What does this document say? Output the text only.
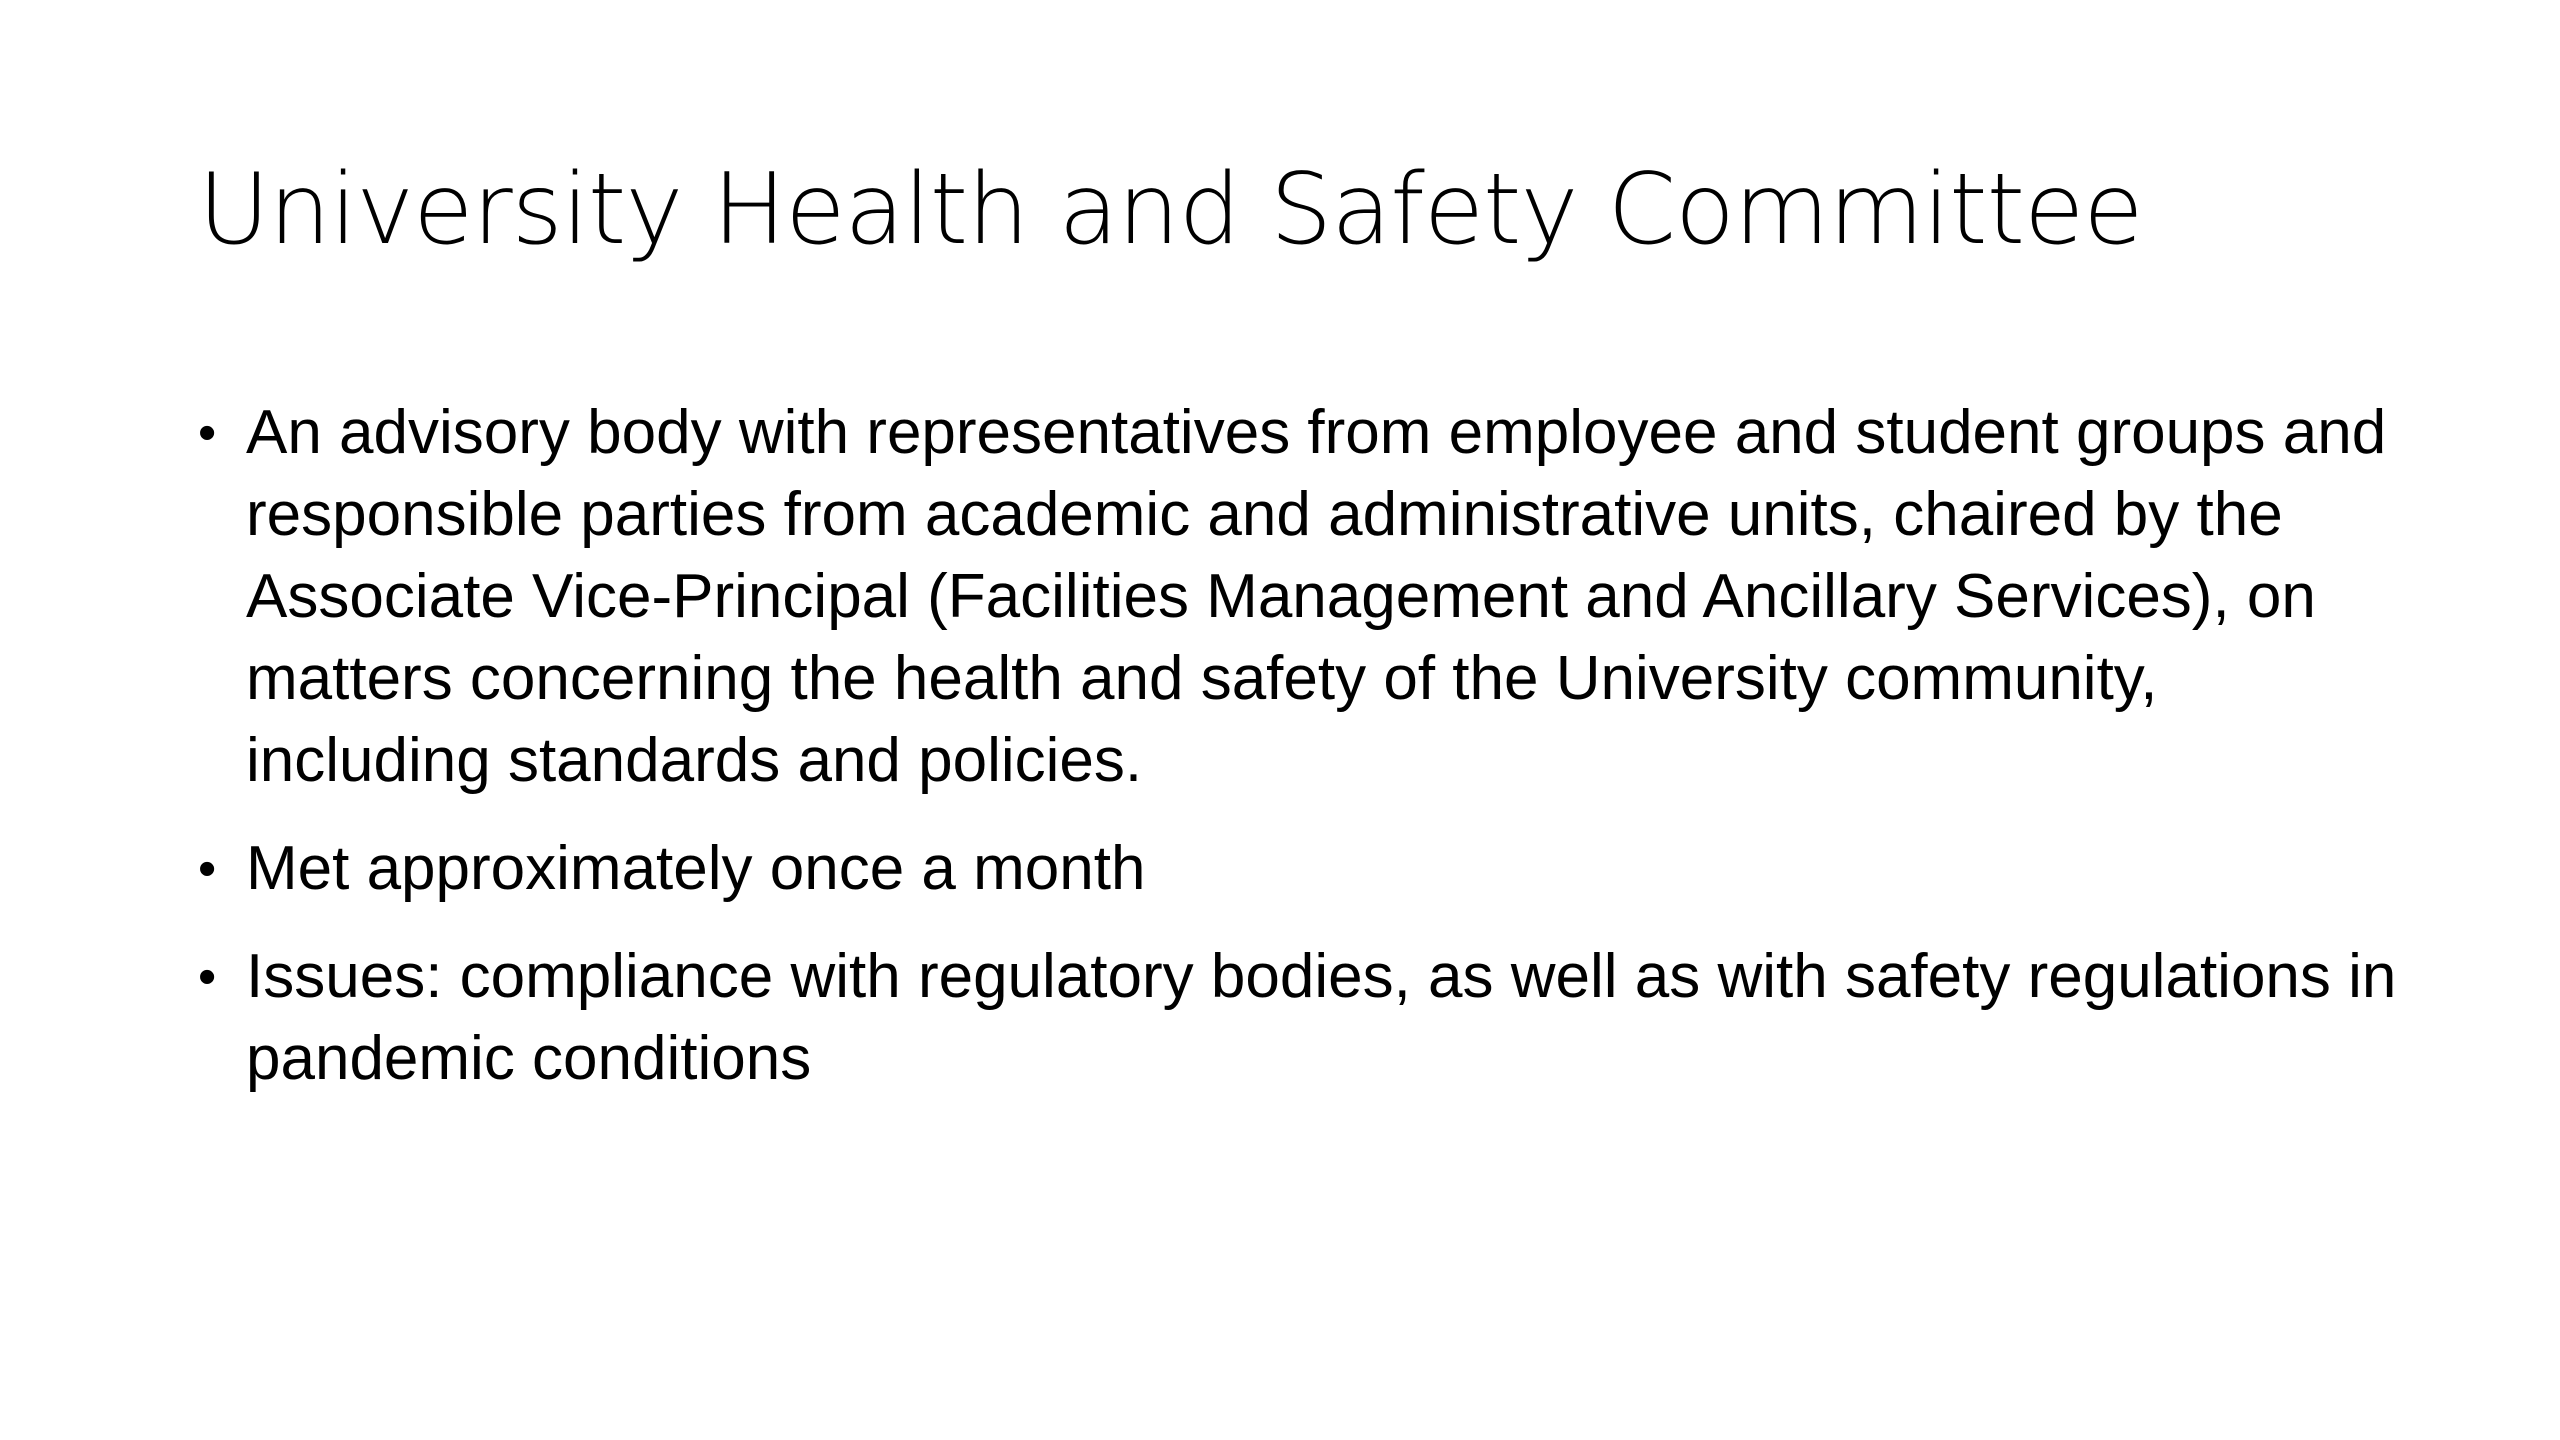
University Health and Safety Committee
• An advisory body with representatives from employee and student groups and responsible parties from academic and administrative units, chaired by the Associate Vice-Principal (Facilities Management and Ancillary Services), on matters concerning the health and safety of the University community, including standards and policies.
• Met approximately once a month
• Issues: compliance with regulatory bodies, as well as with safety regulations in pandemic conditions
